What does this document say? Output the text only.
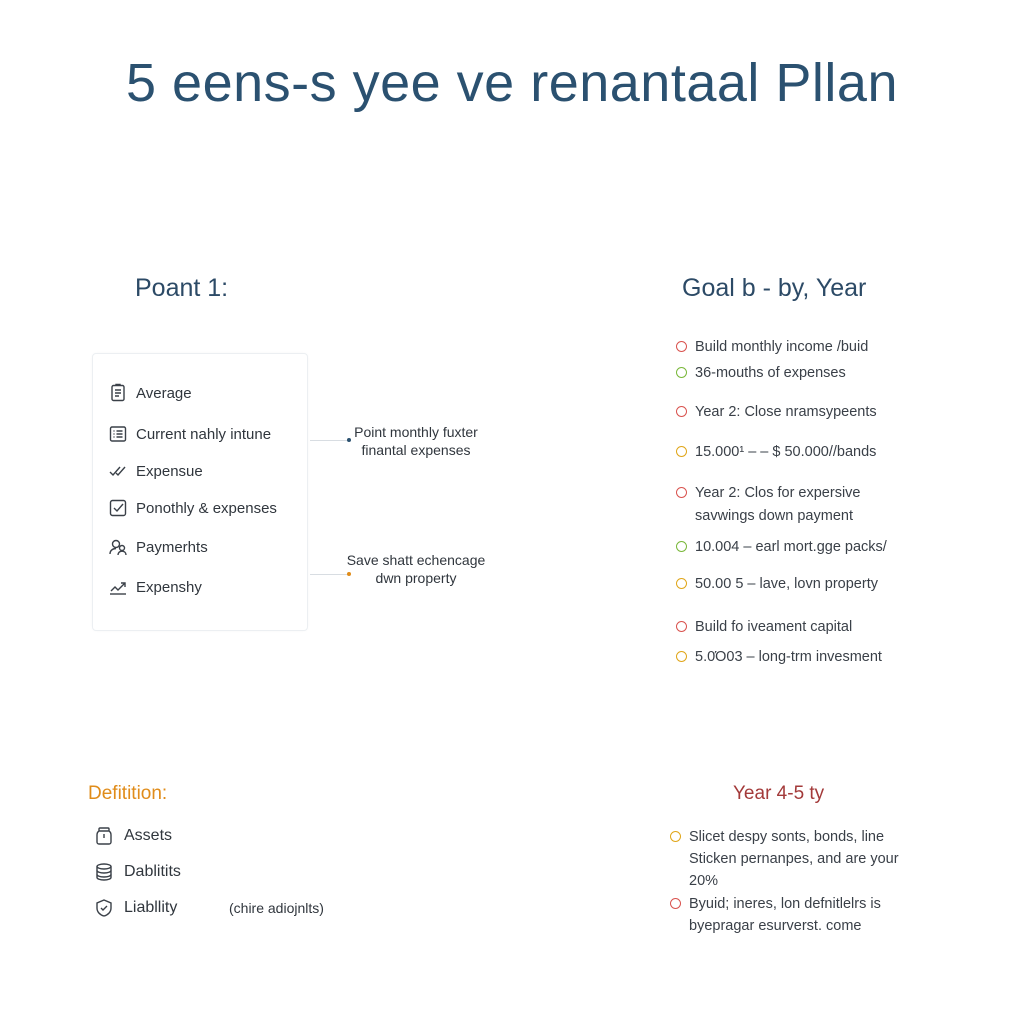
5 eens-s yee ve renantaal Pllan
Poant 1:
Average
Current nahly intune
Expensue
Ponothly & expenses
Paymerhts
Expenshy
Point monthly fuxter finantal expenses
Save shatt echencage dwn property
Goal b - by, Year
Build monthly income /buid
36-mouths of expenses
Year 2: Close nramsypeents
15.000¹ – – $ 50.000//bands
Year 2: Clos for expersive
savwings down payment
10.004 – earl mort.gge packs/
50.00 5 – lave, lovn property
Build fo iveament capital
5.0Ό03 – long-trm invesment
Defitition:
Assets
Dablitits
Liabllity	(chire adiojnlts)
Year 4-5 ty
Slicet despy sonts, bonds, line
Sticken pernanpes, and are your
20%
Byuid; ineres, lon defnitlelrs is
byepragar esurverst. come
